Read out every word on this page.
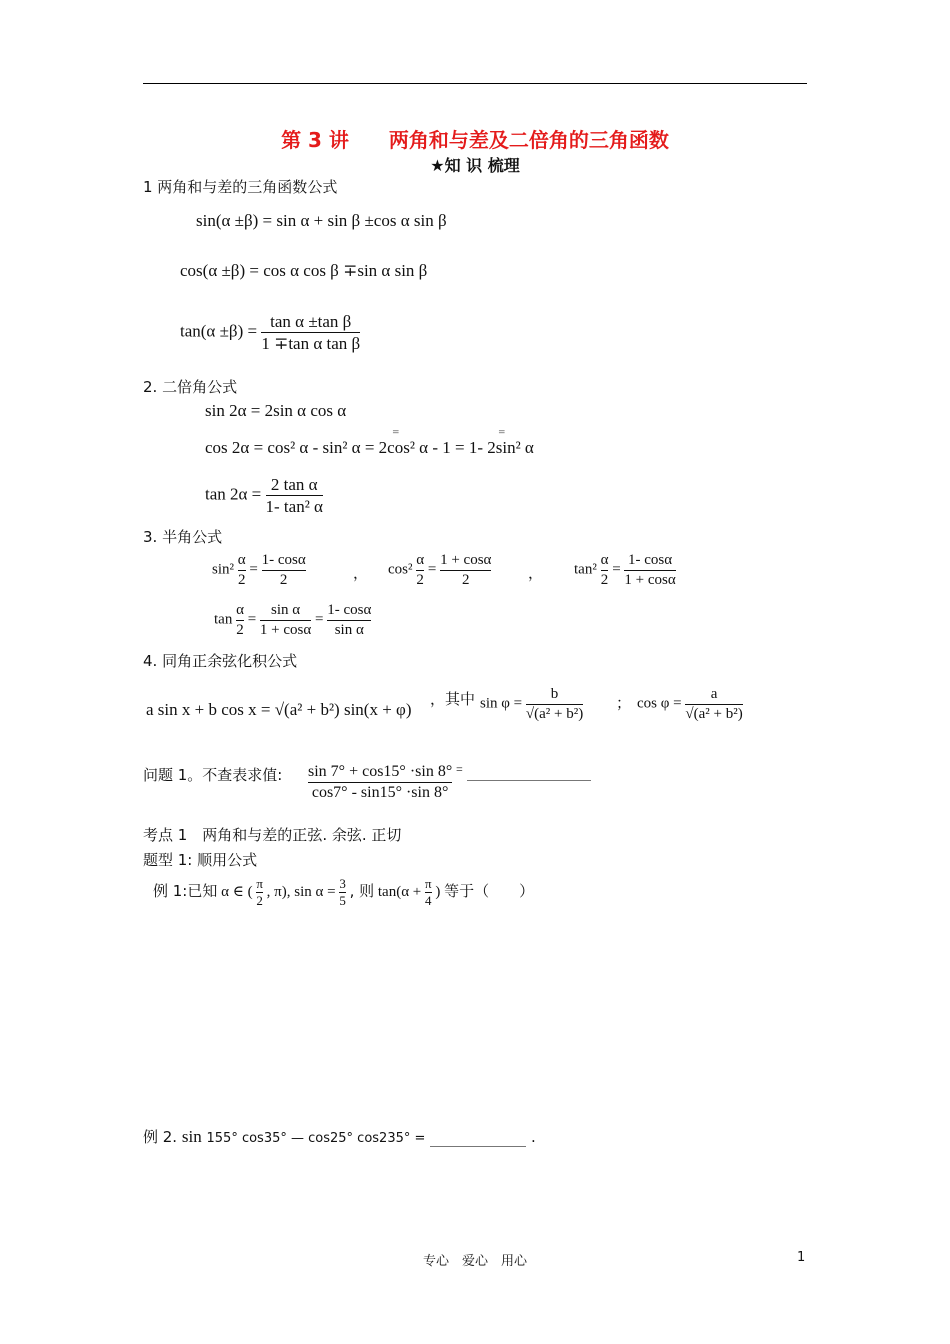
第 3 讲　　两角和与差及二倍角的三角函数
★知 识 梳理
1 两角和与差的三角函数公式
sin(α ±β) = sin α + sin β ±cos α sin β
cos(α ±β) = cos α cos β ∓sin α sin β
$\tan(\alpha \pm\beta) = \frac{\text{tan α ±tan β}}{\text{1 ∓tan α tan β}}$
2. 二倍角公式
sin 2α = 2sin α cos α
cos 2α = cos² α - sin² α = 2cos² α - 1 = 1- 2sin² α
=	=
$\tan 2\alpha = \frac{\text{2 tan α}}{\text{1- tan² α}}$
3. 半角公式
$\sin^2 \frac{\alpha}{2} = \frac{1- \cos\alpha}{2}$	， $\cos^2 \frac{\alpha}{2} = \frac{1 + \cos\alpha}{2}$ ， $\tan^2 \frac{\alpha}{2} = \frac{1- \cos\alpha}{1 + \cos\alpha}$
$\tan \frac{\alpha}{2} = \frac{\text{sin α}}{1 + \cos\alpha} = \frac{1- \cos\alpha}{\text{sin α}}$
4. 同角正余弦化积公式
a sin x + b cos x = √(a² + b²) sin(x + φ)
，其中 $\sin \varphi = \frac{b}{\text{√(a² + b²)}}$ ； $\cos \varphi = \frac{a}{\text{√(a² + b²)}}$
问题 1。不查表求值: $\frac{\sin 7^\circ + \cos 15^\circ \cdot\sin 8^\circ}{\cos 7^\circ - \sin 15^\circ \cdot\sin 8^\circ} ^=$
考点 1　两角和与差的正弦. 余弦. 正切
题型 1: 顺用公式
例 1:已知 α ∈ ( $\frac{\pi}{2}$ , π), $\sin \alpha = \frac{3}{5}$ , 则 $\tan(\alpha + \frac{\pi}{4}$ ) 等于（　　）
例 2. sin 155° cos35° — cos25° cos235° =	.
专心　爱心　用心	1
